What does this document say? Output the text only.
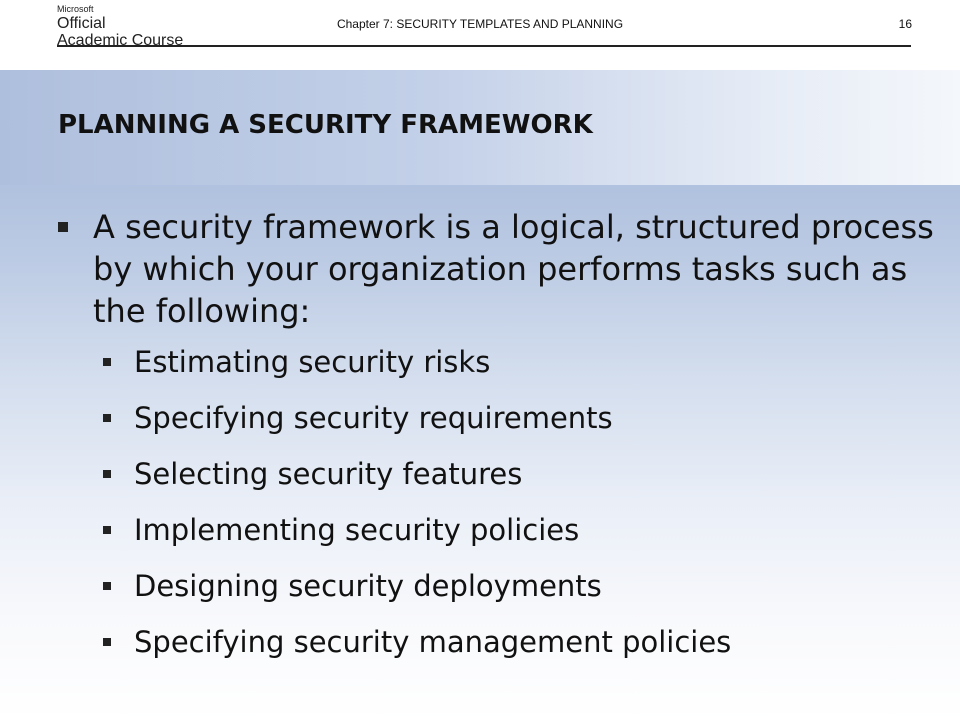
Microsoft
Official
Academic Course
Chapter 7: SECURITY TEMPLATES AND PLANNING	16
PLANNING A SECURITY FRAMEWORK
A security framework is a logical, structured process by which your organization performs tasks such as the following:
Estimating security risks
Specifying security requirements
Selecting security features
Implementing security policies
Designing security deployments
Specifying security management policies
